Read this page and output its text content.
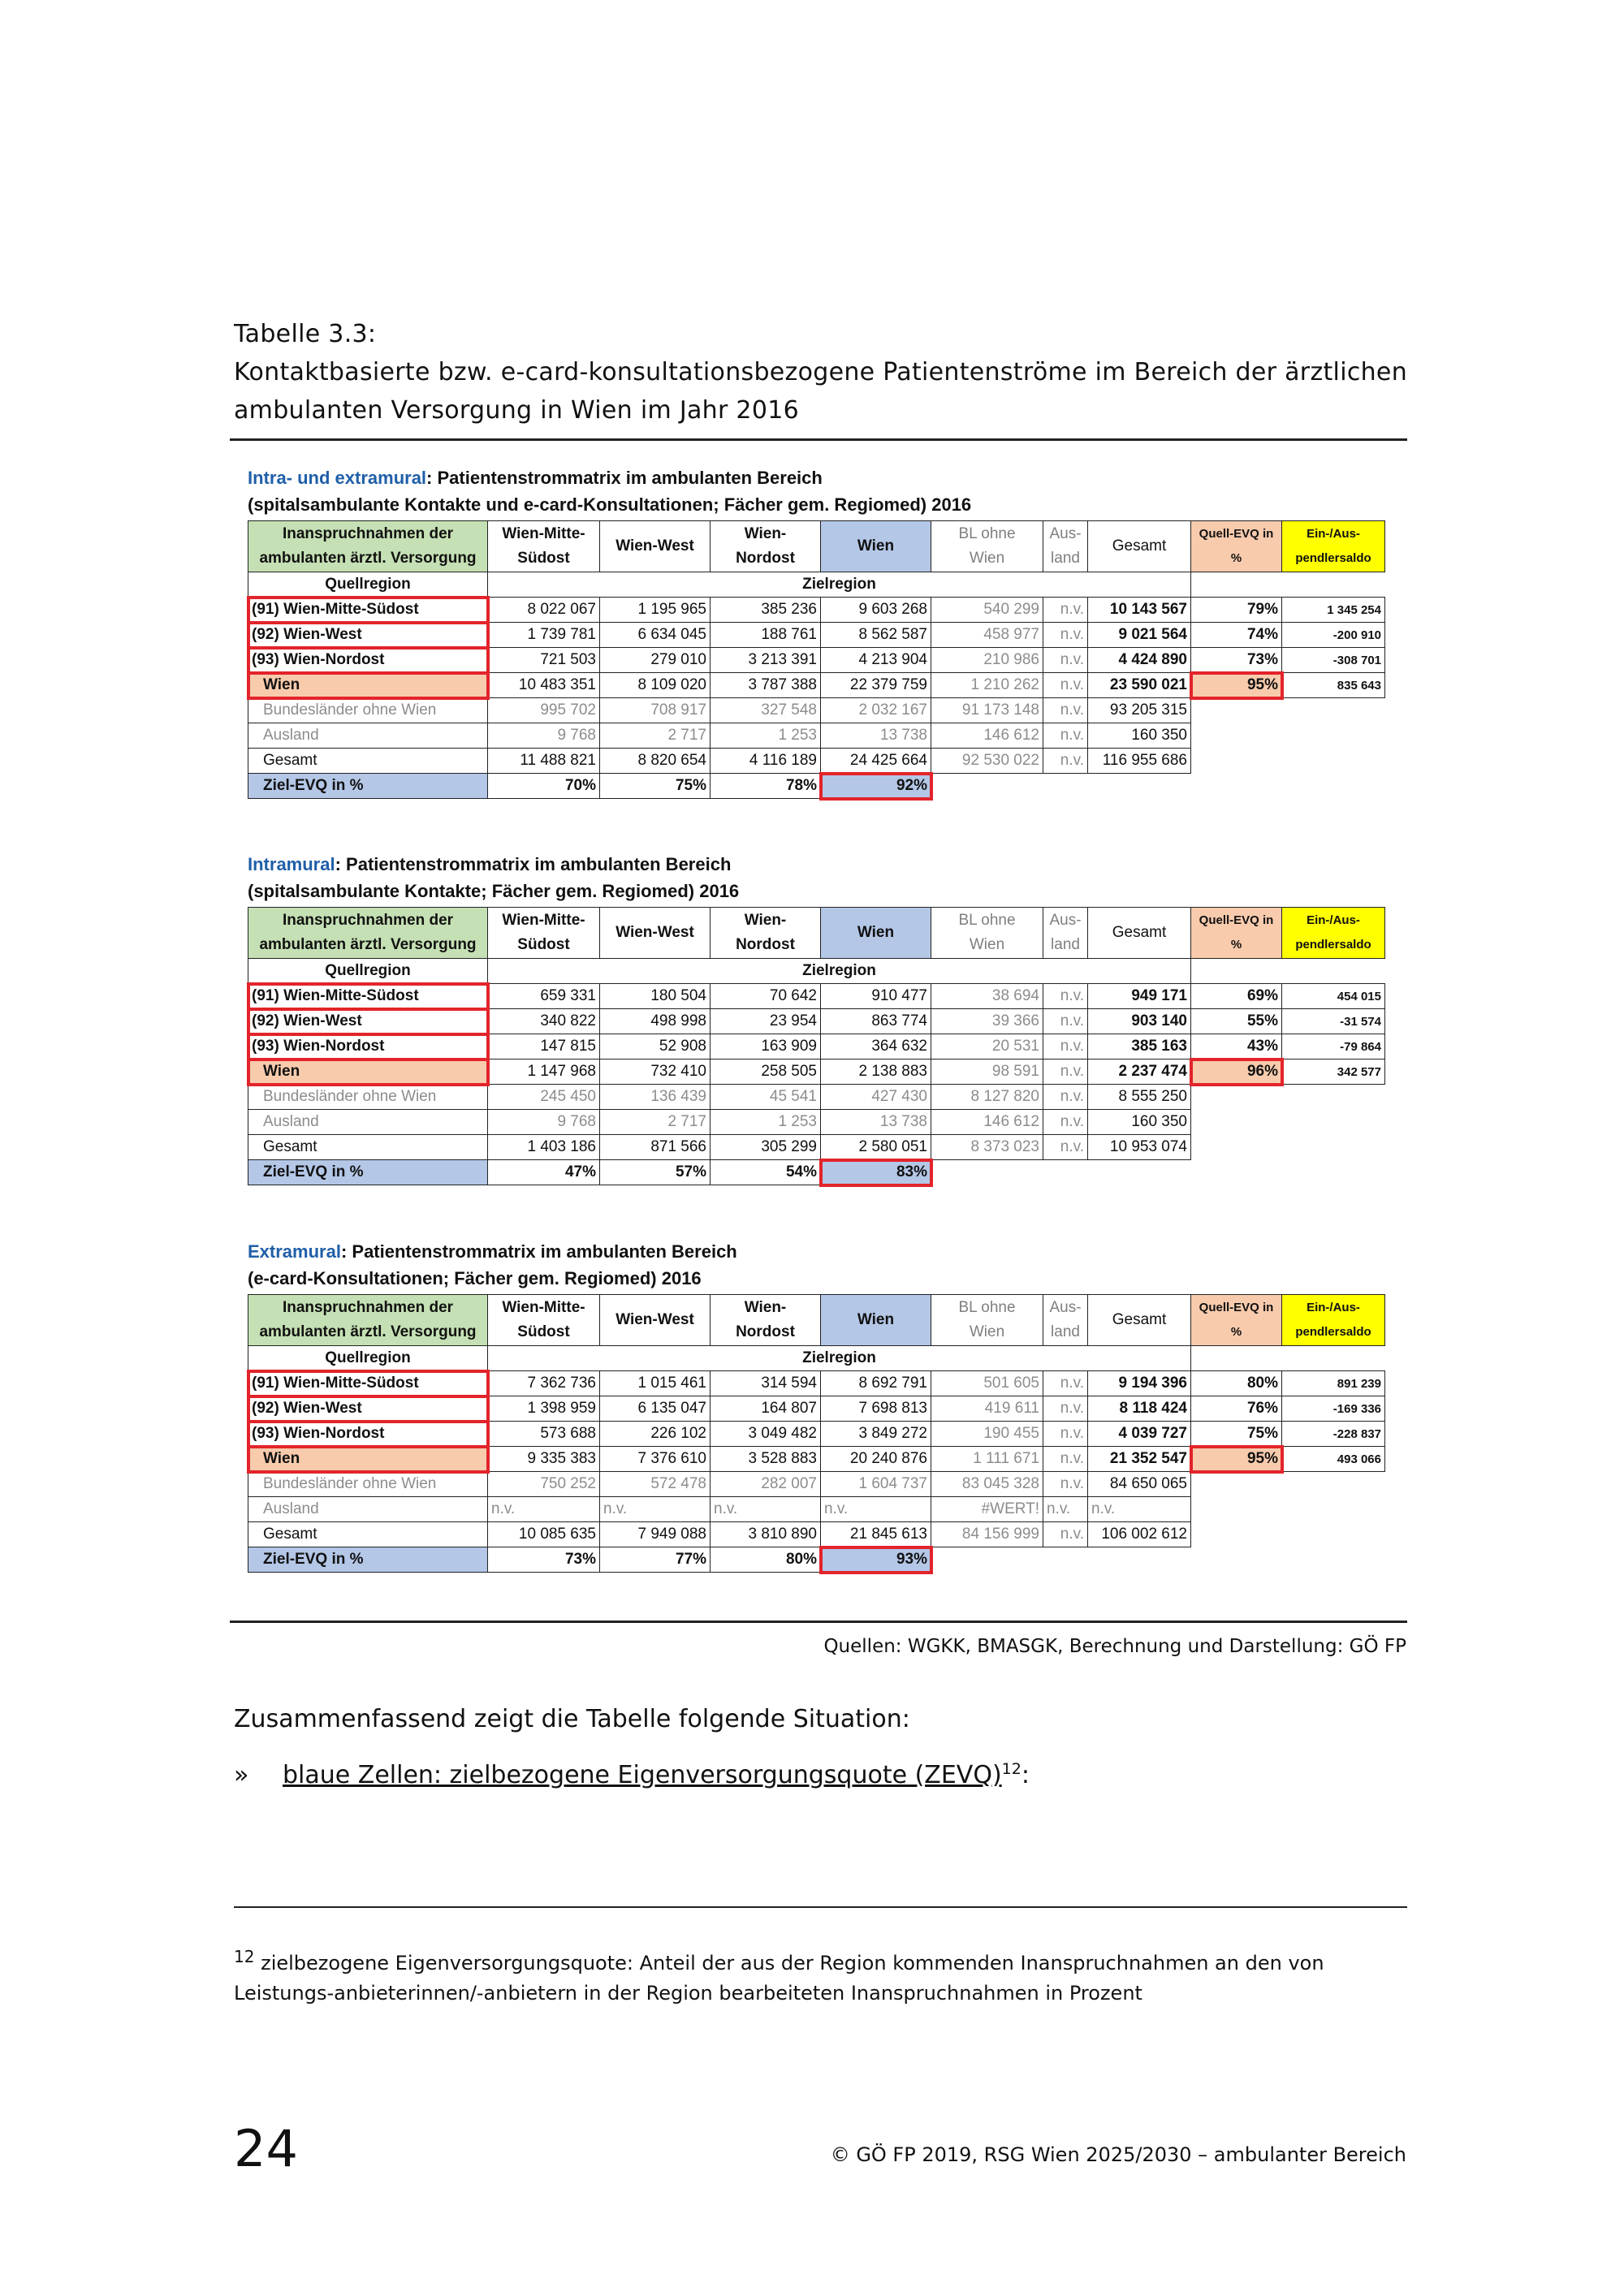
Tabelle 3.3:
Kontaktbasierte bzw. e-card-konsultationsbezogene Patientenströme im Bereich der ärztlichen
ambulanten Versorgung in Wien im Jahr 2016
Intra- und extramural: Patientenstrommatrix im ambulanten Bereich
(spitalsambulante Kontakte und e-card-Konsultationen; Fächer gem. Regiomed) 2016
Inanspruchnahmen der
ambulanten ärztl. Versorgung	Wien-Mitte-
Südost	Wien-West	Wien-
Nordost	Wien	BL ohne
Wien	Aus-
land	Gesamt	Quell-EVQ in
%	Ein-/Aus-
pendlersaldo
Quellregion	Zielregion								
(91) Wien-Mitte-Südost	8 022 067	1 195 965	385 236	9 603 268	540 299	n.v.	10 143 567	79%	1 345 254
(92) Wien-West	1 739 781	6 634 045	188 761	8 562 587	458 977	n.v.	9 021 564	74%	-200 910
(93) Wien-Nordost	721 503	279 010	3 213 391	4 213 904	210 986	n.v.	4 424 890	73%	-308 701
Wien	10 483 351	8 109 020	3 787 388	22 379 759	1 210 262	n.v.	23 590 021	95%	835 643
Bundesländer ohne Wien	995 702	708 917	327 548	2 032 167	91 173 148	n.v.	93 205 315		
Ausland	9 768	2 717	1 253	13 738	146 612	n.v.	160 350		
Gesamt	11 488 821	8 820 654	4 116 189	24 425 664	92 530 022	n.v.	116 955 686		
Ziel-EVQ in %	70%	75%	78%	92%					
Intramural: Patientenstrommatrix im ambulanten Bereich
(spitalsambulante Kontakte; Fächer gem. Regiomed) 2016
Inanspruchnahmen der
ambulanten ärztl. Versorgung	Wien-Mitte-
Südost	Wien-West	Wien-
Nordost	Wien	BL ohne
Wien	Aus-
land	Gesamt	Quell-EVQ in
%	Ein-/Aus-
pendlersaldo
Quellregion	Zielregion								
(91) Wien-Mitte-Südost	659 331	180 504	70 642	910 477	38 694	n.v.	949 171	69%	454 015
(92) Wien-West	340 822	498 998	23 954	863 774	39 366	n.v.	903 140	55%	-31 574
(93) Wien-Nordost	147 815	52 908	163 909	364 632	20 531	n.v.	385 163	43%	-79 864
Wien	1 147 968	732 410	258 505	2 138 883	98 591	n.v.	2 237 474	96%	342 577
Bundesländer ohne Wien	245 450	136 439	45 541	427 430	8 127 820	n.v.	8 555 250		
Ausland	9 768	2 717	1 253	13 738	146 612	n.v.	160 350		
Gesamt	1 403 186	871 566	305 299	2 580 051	8 373 023	n.v.	10 953 074		
Ziel-EVQ in %	47%	57%	54%	83%					
Extramural: Patientenstrommatrix im ambulanten Bereich
(e-card-Konsultationen; Fächer gem. Regiomed) 2016
Inanspruchnahmen der
ambulanten ärztl. Versorgung	Wien-Mitte-
Südost	Wien-West	Wien-
Nordost	Wien	BL ohne
Wien	Aus-
land	Gesamt	Quell-EVQ in
%	Ein-/Aus-
pendlersaldo
Quellregion	Zielregion								
(91) Wien-Mitte-Südost	7 362 736	1 015 461	314 594	8 692 791	501 605	n.v.	9 194 396	80%	891 239
(92) Wien-West	1 398 959	6 135 047	164 807	7 698 813	419 611	n.v.	8 118 424	76%	-169 336
(93) Wien-Nordost	573 688	226 102	3 049 482	3 849 272	190 455	n.v.	4 039 727	75%	-228 837
Wien	9 335 383	7 376 610	3 528 883	20 240 876	1 111 671	n.v.	21 352 547	95%	493 066
Bundesländer ohne Wien	750 252	572 478	282 007	1 604 737	83 045 328	n.v.	84 650 065		
Ausland	n.v.	n.v.	n.v.	n.v.	#WERT!	n.v.	n.v.		
Gesamt	10 085 635	7 949 088	3 810 890	21 845 613	84 156 999	n.v.	106 002 612		
Ziel-EVQ in %	73%	77%	80%	93%					
Quellen: WGKK, BMASGK, Berechnung und Darstellung: GÖ FP
Zusammenfassend zeigt die Tabelle folgende Situation:
» blaue Zellen: zielbezogene Eigenversorgungsquote (ZEVQ)$^{12}$:
$^{12}$ zielbezogene Eigenversorgungsquote: Anteil der aus der Region kommenden Inanspruchnahmen an den von Leistungs-anbieterinnen/-anbietern in der Region bearbeiteten Inanspruchnahmen in Prozent
24	© GÖ FP 2019, RSG Wien 2025/2030 – ambulanter Bereich
